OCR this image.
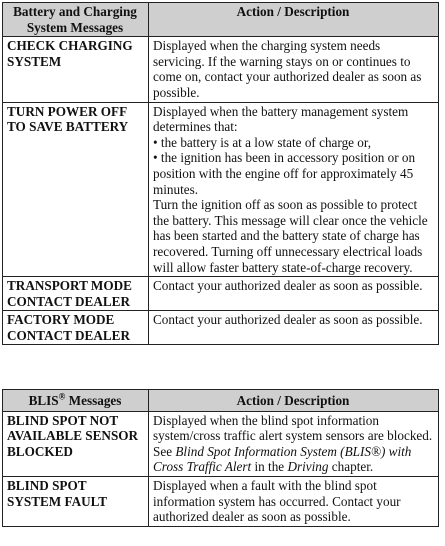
Battery and Charging System Messages	Action / Description
CHECK CHARGING SYSTEM	Displayed when the charging system needs servicing. If the warning stays on or continues to come on, contact your authorized dealer as soon as possible.

TURN POWER OFF TO SAVE BATTERY	Displayed when the battery management system determines that:
• the battery is at a low state of charge or,
• the ignition has been in accessory position or on position with the engine off for approximately 45 minutes.
Turn the ignition off as soon as possible to protect the battery. This message will clear once the vehicle has been started and the battery state of charge has recovered. Turning off unnecessary electrical loads will allow faster battery state-of-charge recovery.

TRANSPORT MODE CONTACT DEALER	Contact your authorized dealer as soon as possible.

FACTORY MODE CONTACT DEALER	Contact your authorized dealer as soon as possible.
BLIS® Messages	Action / Description
BLIND SPOT NOT AVAILABLE SENSOR BLOCKED	Displayed when the blind spot information system/cross traffic alert system sensors are blocked. See Blind Spot Information System (BLIS®) with Cross Traffic Alert in the Driving chapter.
BLIND SPOT SYSTEM FAULT	Displayed when a fault with the blind spot information system has occurred. Contact your authorized dealer as soon as possible.
